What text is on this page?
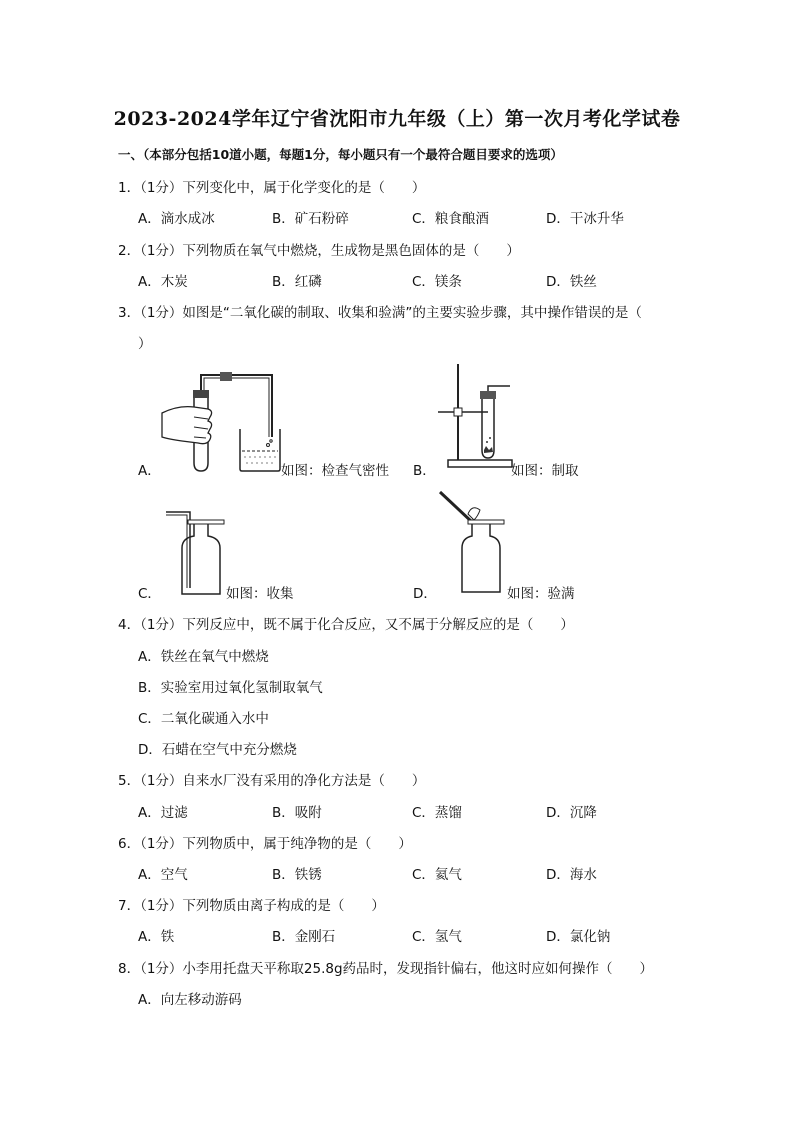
2023-2024学年辽宁省沈阳市九年级（上）第一次月考化学试卷
一、（本部分包括10道小题，每题1分，每小题只有一个最符合题目要求的选项）
1．（1分）下列变化中，属于化学变化的是（　　）
A．滴水成冰	B．矿石粉碎	C．粮食酿酒	D．干冰升华
2．（1分）下列物质在氧气中燃烧，生成物是黑色固体的是（　　）
A．木炭	B．红磷	C．镁条	D．铁丝
3．（1分）如图是“二氧化碳的制取、收集和验满”的主要实验步骤，其中操作错误的是（
）
A．	如图：检查气密性 B．	如图：制取
C．	如图：收集	D．	如图：验满
4．（1分）下列反应中，既不属于化合反应，又不属于分解反应的是（　　）
A．铁丝在氧气中燃烧
B．实验室用过氧化氢制取氧气
C．二氧化碳通入水中
D．石蜡在空气中充分燃烧
5．（1分）自来水厂没有采用的净化方法是（　　）
A．过滤	B．吸附	C．蒸馏	D．沉降
6．（1分）下列物质中，属于纯净物的是（　　）
A．空气	B．铁锈	C．氦气	D．海水
7．（1分）下列物质由离子构成的是（　　）
A．铁	B．金刚石	C．氢气	D．氯化钠
8．（1分）小李用托盘天平称取25.8g药品时，发现指针偏右，他这时应如何操作（　　）
A．向左移动游码
